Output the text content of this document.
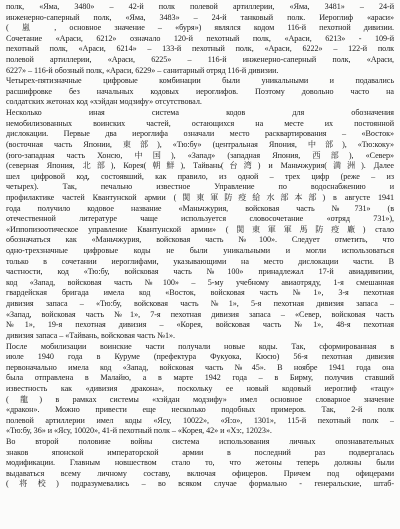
полк, «Яма, 3480» – 42-й полк полевой артиллерии, «Яма, 3481» – 24-й
инженерно-саперный полк, «Яма, 3483» – 24-й танковый полк. Иероглиф «араси»
( 嵐 , основное значение – «буря») являлся кодом 116-й пехотной дивизии.
Сочетание «Араси, 6212» означало 120-й пехотный полк, «Араси, 6213» - 109-й
пехотный полк, «Араси, 6214» – 133-й пехотный полк, «Араси, 6222» – 122-й полк
полевой артиллерии, «Араси, 6225» – 116-й инженерно-саперный полк, «Араси,
6227» – 116-й обозный полк, «Араси, 6229» – санитарный отряд 116-й дивизии.
Четырех-пятизначные цифровые комбинации были уникальными и подавались
расшифровке без начальных кодовых иероглифов. Поэтому довольно часто на
солдатских жетонах код «хэйдан модзифу» отсутствовал.
Несколько иная система кодов для обозначения
немобилизованных воинских частей, остающихся на месте их постоянной
дислокации. Первые два иероглифа означали место расквартирования – «Восток»
(восточная часть Японии, 東部), «Тю:бу» (центральная Япония, 中部), «Тю:коку»
(юго-западная часть Хонсю, 中国), «Запад» (западная Япония, 西部), «Север»
(северная Япония, 北部), Корея(朝鮮), Тайвань(台湾) и Маньчжурия(満洲). Далее
шел цифровой код, состоявший, как правило, из одной – трех цифр (реже – из
четырех). Так, печально известное Управление по водоснабжению и
профилактике частей Квантунской армии (関東軍防疫給水部本部) в августе 1941
года получило кодовое название «Маньчжурия, войсковая часть №731» (в
отечественной литературе чаще используется словосочетание «отряд 731»),
«Иппопизоотическое управление Квантунской армии» (関東軍軍馬防疫廠) стало
обозначаться как «Маньчжурия, войсковая часть №100». Следует отметить, что
одно-трехзначные цифровые коды не были уникальными и могли использоваться
только в сочетании иероглифами, указывающими на место дислокации части. В
частности, код «Тю:бу, войсковая часть №100» принадлежал 17-й авиадивизии,
код «Запад, войсковая часть №100» – 5-му учебному авиаотряду, 1-я смешанная
гвардейская бригада имела код «Восток, войсковая часть №1», 3-я пехотная
дивизия запаса – «Тю:бу, войсковая часть №1», 5-я пехотная дивизия запаса –
«Запад, войсковая часть №1», 7-я пехотная дивизия запаса – «Север, войсковая часть
№1», 19-я пехотная дивизия – «Корея, войсковая часть №1», 48-я пехотная
дивизия запаса – «Тайвань, войсковая часть №1».
После мобилизации воинские части получали новые коды. Так, сформированная в
июле 1940 года в Куруме (префектура Фукуока, Кюсю) 56-я пехотная дивизия
первоначально имела код «Запад, войсковая часть №45». В ноябре 1941 года она
была отправлена в Малайю, а в марте 1942 года – в Бирму, получив ставший
известность как «дивизия дракона», поскольку ее новый кодовый иероглиф «тацу»
(龍) в рамках системы «хэйдан модзифу» имел основное словарное значение
«дракон». Можно привести еще несколько подобных примеров. Так, 2-й полк
полевой артиллерии имел коды «Ясу, 10022», «Я:о», 1301», 115-й пехотный полк –
«Тю:бу, 36» и «Ясу, 10020», 41-й пехотный полк – «Корея, 42» и «Хэ:, 12023».
Во второй половине войны система использования личных опознавательных
знаков японской императорской армии в последний раз подвергалась
модификации. Главным новшеством стало то, что жетоны теперь должны были
выдаваться всему личному составу, включая офицеров. Причем под офицерами
(将校) подразумевались – во всяком случае формально - генеральские, штаб-
